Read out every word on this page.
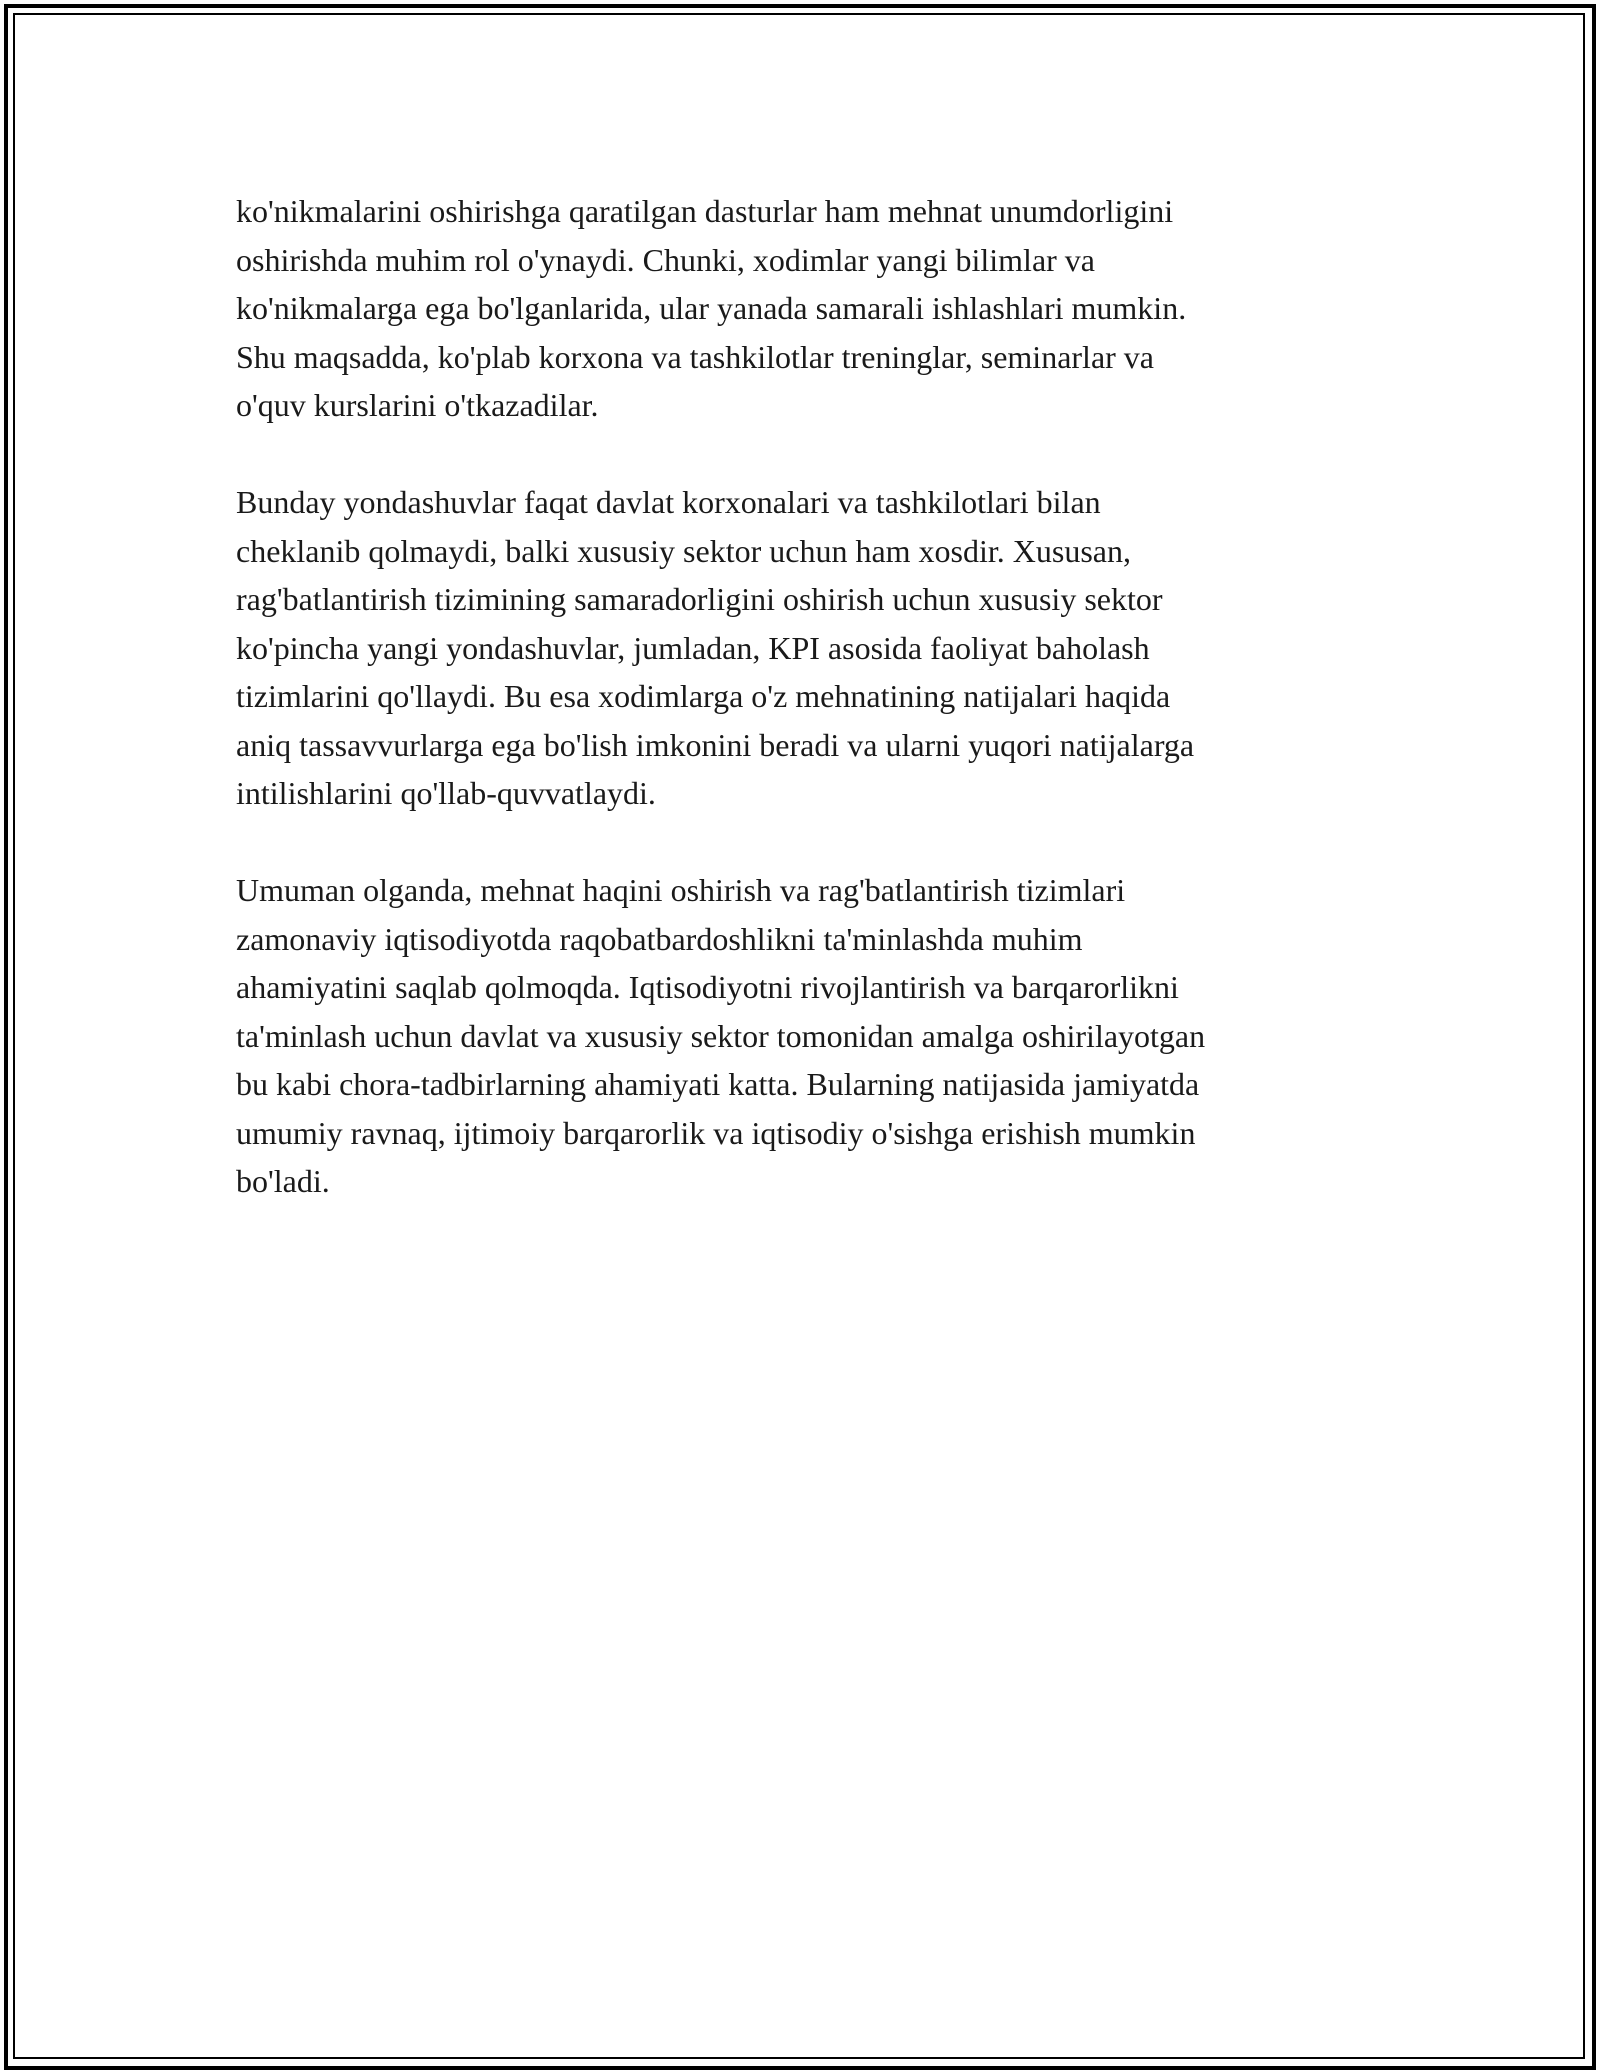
ko'nikmalarini oshirishga qaratilgan dasturlar ham mehnat unumdorligini
oshirishda muhim rol o'ynaydi. Chunki, xodimlar yangi bilimlar va
ko'nikmalarga ega bo'lganlarida, ular yanada samarali ishlashlari mumkin.
Shu maqsadda, ko'plab korxona va tashkilotlar treninglar, seminarlar va
o'quv kurslarini o'tkazadilar.

Bunday yondashuvlar faqat davlat korxonalari va tashkilotlari bilan
cheklanib qolmaydi, balki xususiy sektor uchun ham xosdir. Xususan,
rag'batlantirish tizimining samaradorligini oshirish uchun xususiy sektor
ko'pincha yangi yondashuvlar, jumladan, KPI asosida faoliyat baholash
tizimlarini qo'llaydi. Bu esa xodimlarga o'z mehnatining natijalari haqida
aniq tassavvurlarga ega bo'lish imkonini beradi va ularni yuqori natijalarga
intilishlarini qo'llab-quvvatlaydi.

Umuman olganda, mehnat haqini oshirish va rag'batlantirish tizimlari
zamonaviy iqtisodiyotda raqobatbardoshlikni ta'minlashda muhim
ahamiyatini saqlab qolmoqda. Iqtisodiyotni rivojlantirish va barqarorlikni
ta'minlash uchun davlat va xususiy sektor tomonidan amalga oshirilayotgan
bu kabi chora-tadbirlarning ahamiyati katta. Bularning natijasida jamiyatda
umumiy ravnaq, ijtimoiy barqarorlik va iqtisodiy o'sishga erishish mumkin
bo'ladi.
